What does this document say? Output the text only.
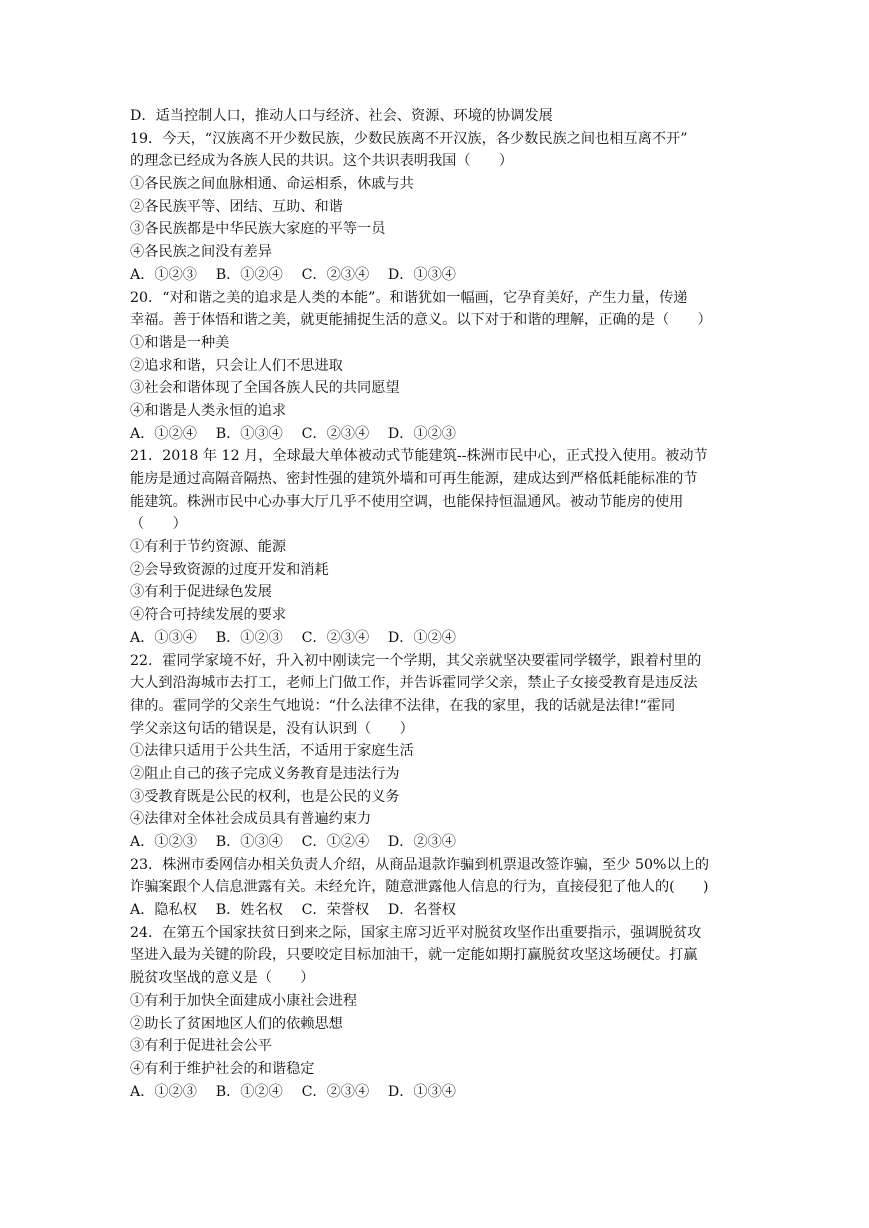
D．适当控制人口，推动人口与经济、社会、资源、环境的协调发展
19．今天，“汉族离不开少数民族，少数民族离不开汉族，各少数民族之间也相互离不开”
的理念已经成为各族人民的共识。这个共识表明我国（　　）
①各民族之间血脉相通、命运相系，休戚与共
②各民族平等、团结、互助、和谐
③各民族都是中华民族大家庭的平等一员
④各民族之间没有差异
A．①②③　 B．①②④　 C．②③④　 D．①③④
20．“对和谐之美的追求是人类的本能”。和谐犹如一幅画，它孕育美好，产生力量，传递
幸福。善于体悟和谐之美，就更能捕捉生活的意义。以下对于和谐的理解，正确的是（　　）
①和谐是一种美
②追求和谐，只会让人们不思进取
③社会和谐体现了全国各族人民的共同愿望
④和谐是人类永恒的追求
A．①②④　 B．①③④　 C．②③④　 D．①②③
21．2018 年 12 月，全球最大单体被动式节能建筑--株洲市民中心，正式投入使用。被动节
能房是通过高隔音隔热、密封性强的建筑外墙和可再生能源，建成达到严格低耗能标准的节
能建筑。株洲市民中心办事大厅几乎不使用空调，也能保持恒温通风。被动节能房的使用
（　　）
①有利于节约资源、能源
②会导致资源的过度开发和消耗
③有利于促进绿色发展
④符合可持续发展的要求
A．①③④　 B．①②③　 C．②③④　 D．①②④
22．霍同学家境不好，升入初中刚读完一个学期，其父亲就坚决要霍同学辍学，跟着村里的
大人到沿海城市去打工，老师上门做工作，并告诉霍同学父亲，禁止子女接受教育是违反法
律的。霍同学的父亲生气地说：“什么法律不法律，在我的家里，我的话就是法律!“霍同
学父亲这句话的错误是，没有认识到（　　）
①法律只适用于公共生活，不适用于家庭生活
②阻止自己的孩子完成义务教育是违法行为
③受教育既是公民的权利，也是公民的义务
④法律对全体社会成员具有普遍约束力
A．①②③　 B．①③④　 C．①②④　 D．②③④
23．株洲市委网信办相关负责人介绍，从商品退款诈骗到机票退改签诈骗，至少 50%以上的
诈骗案跟个人信息泄露有关。未经允许，随意泄露他人信息的行为，直接侵犯了他人的(　　)
A．隐私权　 B．姓名权　 C．荣誉权　 D．名誉权
24．在第五个国家扶贫日到来之际，国家主席习近平对脱贫攻坚作出重要指示，强调脱贫攻
坚进入最为关键的阶段，只要咬定目标加油干，就一定能如期打赢脱贫攻坚这场硬仗。打赢
脱贫攻坚战的意义是（　　）
①有利于加快全面建成小康社会进程
②助长了贫困地区人们的依赖思想
③有利于促进社会公平
④有利于维护社会的和谐稳定
A．①②③　 B．①②④　 C．②③④　 D．①③④
